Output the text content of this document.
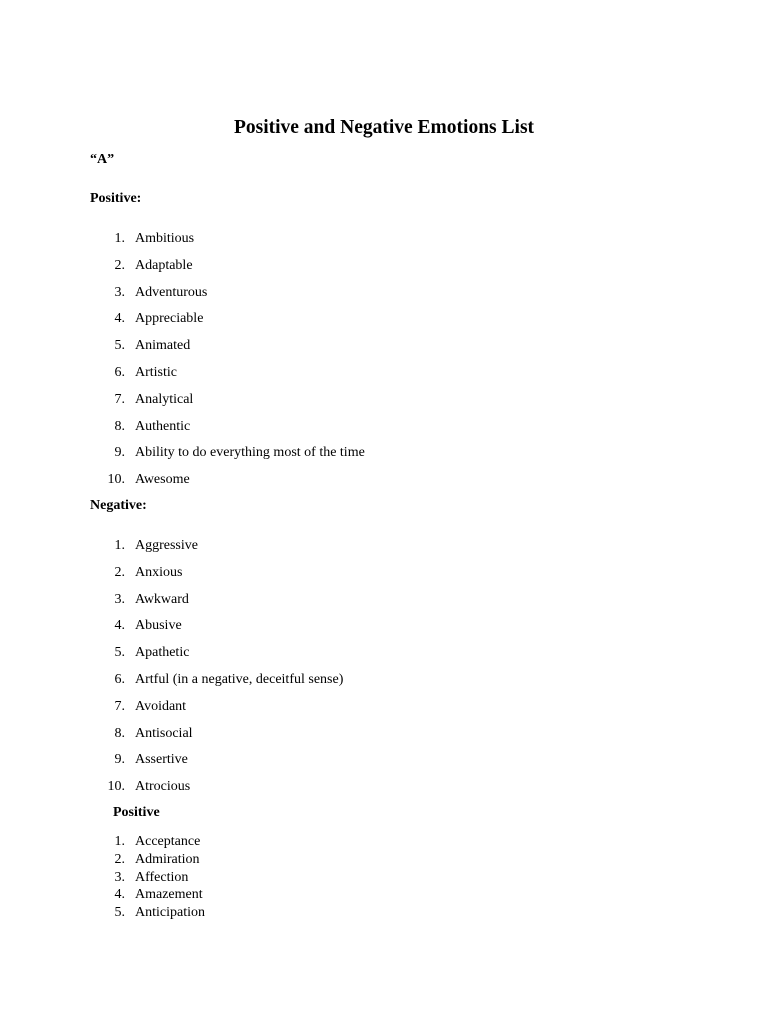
Positive and Negative Emotions List
“A”
Positive:
1. Ambitious
2. Adaptable
3. Adventurous
4. Appreciable
5. Animated
6. Artistic
7. Analytical
8. Authentic
9. Ability to do everything most of the time
10. Awesome
Negative:
1. Aggressive
2. Anxious
3. Awkward
4. Abusive
5. Apathetic
6. Artful (in a negative, deceitful sense)
7. Avoidant
8. Antisocial
9. Assertive
10. Atrocious
Positive
1. Acceptance
2. Admiration
3. Affection
4. Amazement
5. Anticipation
